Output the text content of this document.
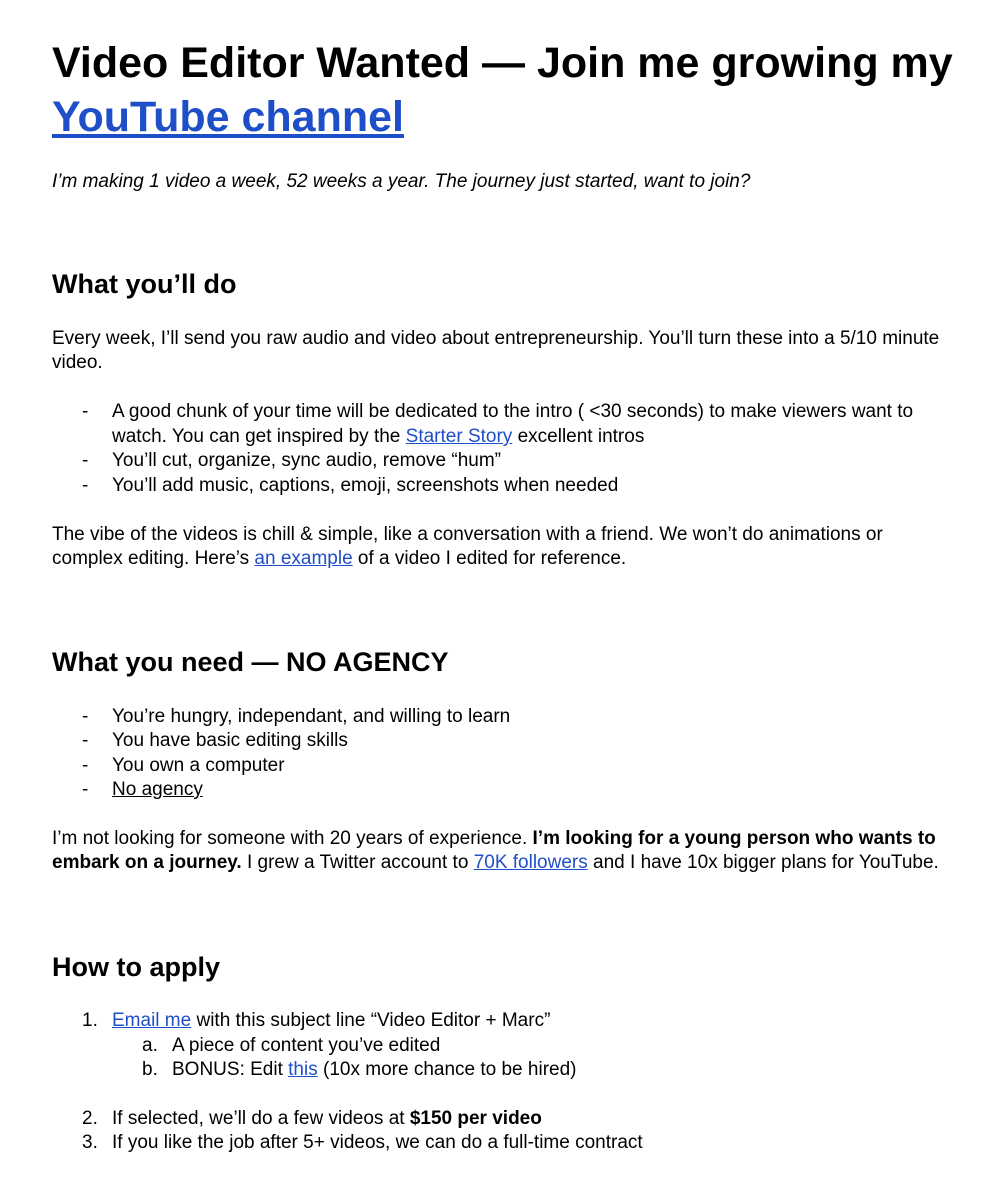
Video Editor Wanted — Join me growing my
YouTube channel
I’m making 1 video a week, 52 weeks a year. The journey just started, want to join?
What you’ll do
Every week, I’ll send you raw audio and video about entrepreneurship. You’ll turn these into a 5/10 minute
video.
- A good chunk of your time will be dedicated to the intro ( <30 seconds) to make viewers want to
watch. You can get inspired by the Starter Story excellent intros
- You’ll cut, organize, sync audio, remove “hum”
- You’ll add music, captions, emoji, screenshots when needed
The vibe of the videos is chill & simple, like a conversation with a friend. We won’t do animations or
complex editing. Here’s an example of a video I edited for reference.
What you need — NO AGENCY
- You’re hungry, independant, and willing to learn
- You have basic editing skills
- You own a computer
- No agency
I’m not looking for someone with 20 years of experience. I’m looking for a young person who wants to
embark on a journey. I grew a Twitter account to 70K followers and I have 10x bigger plans for YouTube.
How to apply
1. Email me with this subject line “Video Editor + Marc”
a. A piece of content you’ve edited
b. BONUS: Edit this (10x more chance to be hired)
2. If selected, we’ll do a few videos at $150 per video
3. If you like the job after 5+ videos, we can do a full-time contract
